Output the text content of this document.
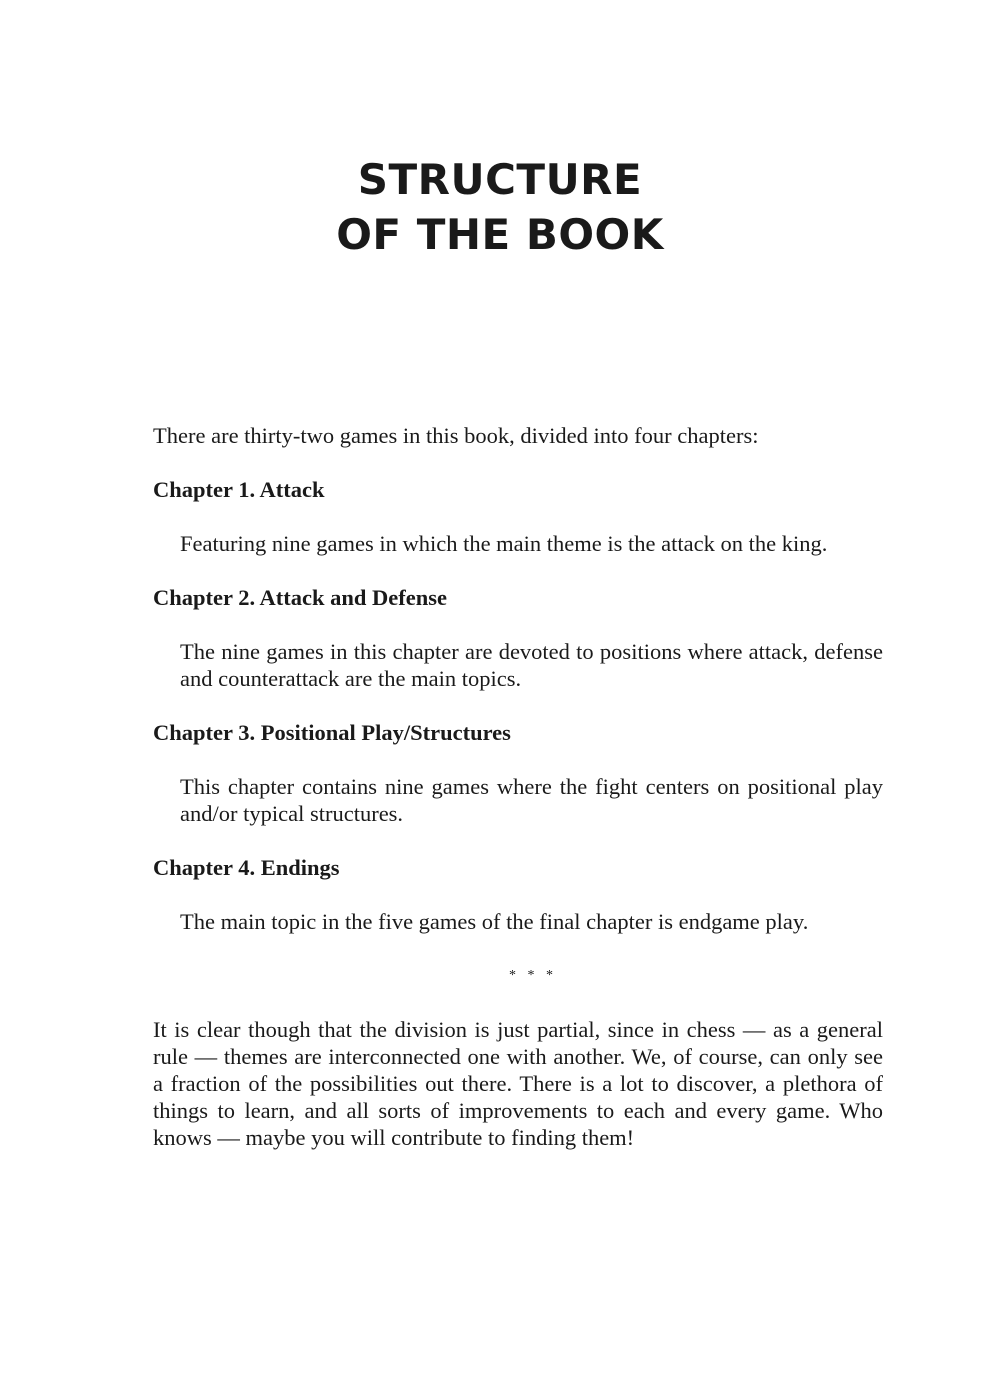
STRUCTURE
OF THE BOOK

There are thirty-two games in this book, divided into four chapters:

Chapter 1. Attack

Featuring nine games in which the main theme is the attack on the king.

Chapter 2. Attack and Defense

The nine games in this chapter are devoted to positions where attack, defense and counterattack are the main topics.

Chapter 3. Positional Play/Structures

This chapter contains nine games where the fight centers on positional play and/or typical structures.

Chapter 4. Endings

The main topic in the five games of the final chapter is endgame play.

* * *

It is clear though that the division is just partial, since in chess — as a general rule — themes are interconnected one with another. We, of course, can only see a fraction of the possibilities out there. There is a lot to discover, a plethora of things to learn, and all sorts of improvements to each and every game. Who knows — maybe you will contribute to finding them!
